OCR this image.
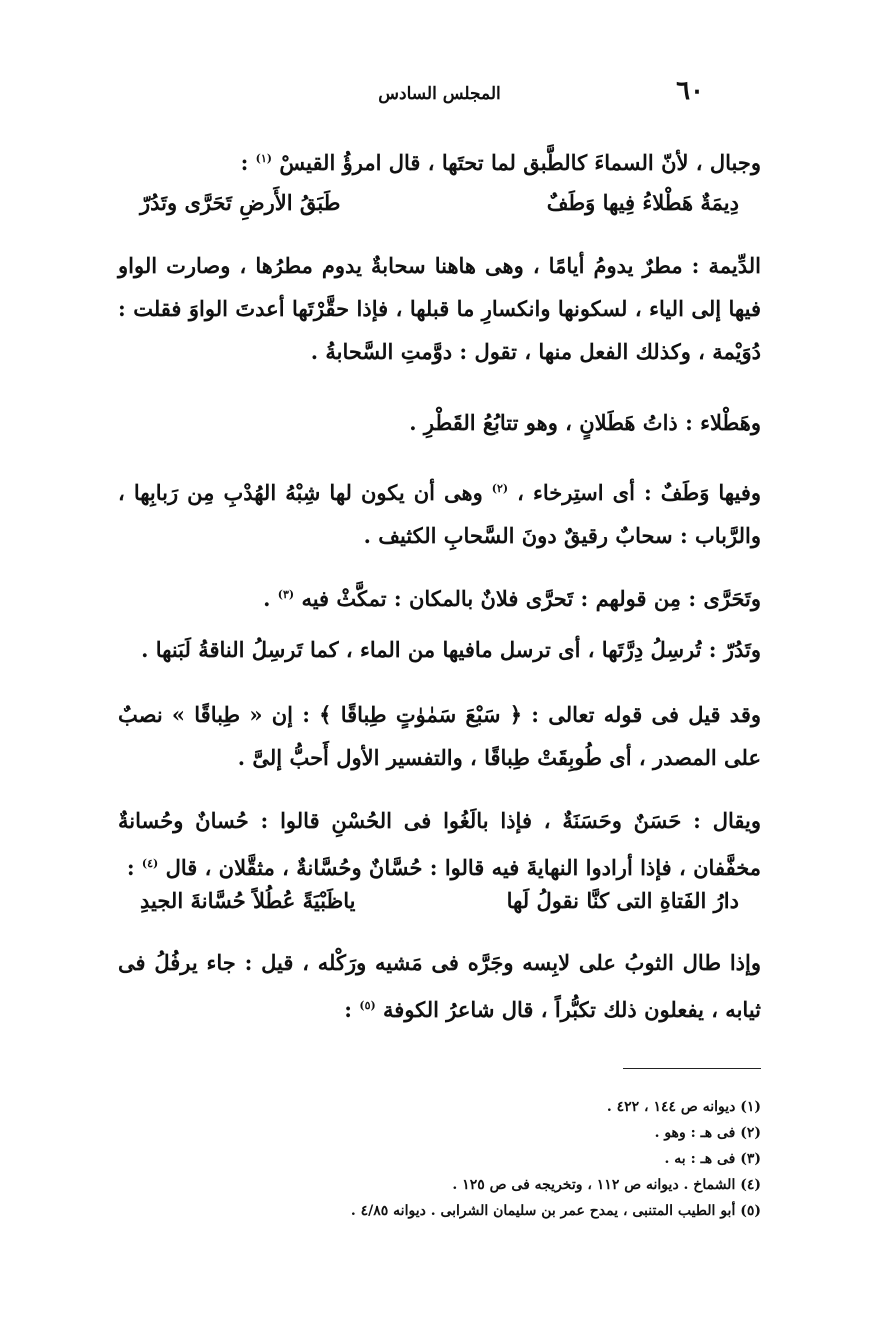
٦٠
المجلس السادس
وجبال ، لأنّ السماءَ كالطَّبق لما تحتَها ، قال امرؤُ القيسْ $^{(١)}$ :
دِيمَةٌ هَطْلاءُ فِيها وَطَفٌ
طَبَقُ الأَرضِ تَحَرَّى وتَدُرّ
الدِّيمة : مطرٌ يدومُ أيامًا ، وهى هاهنا سحابةٌ يدوم مطرُها ، وصارت الواو فيها إلى الياء ، لسكونها وانكسارِ ما قبلها ، فإذا حقَّرْتَها أعدتَ الواوَ فقلت : دُوَيْمة ، وكذلك الفعل منها ، تقول : دوَّمتِ السَّحابةُ .
وهَطْلاء : ذاتُ هَطَلانٍ ، وهو تتابُعُ القَطْرِ .
وفيها وَطَفٌ : أى استِرخاء ، $^{(٢)}$ وهى أن يكون لها شِبْهُ الهُدْبِ مِن رَبابِها ، والرَّباب : سحابٌ رقيقٌ دونَ السَّحابِ الكثيف .
وتَحَرَّى : مِن قولهم : تَحرَّى فلانٌ بالمكان : تمكَّثْ فيه $^{(٣)}$ .
وتَدُرّ : تُرسِلُ دِرَّتَها ، أى ترسل مافيها من الماء ، كما تَرسِلُ الناقةُ لَبَنها .
وقد قيل فى قوله تعالى : ﴿ سَبْعَ سَمٰوٰتٍ طِباقًا ﴾ : إن « طِباقًا » نصبٌ على المصدر ، أى طُوبِقَتْ طِباقًا ، والتفسير الأول أَحبُّ إلىَّ .
ويقال : حَسَنٌ وحَسَنَةٌ ، فإذا بالَغُوا فى الحُسْنِ قالوا : حُسانٌ وحُسانةٌ مخفَّفان ، فإذا أرادوا النهايةَ فيه قالوا : حُسَّانٌ وحُسَّانةٌ ، مثقَّلان ، قال $^{(٤)}$ :
دارُ الفَتاةِ التى كنَّا نقولُ لَها
ياظَبْيَةً عُطُلاً حُسَّانةَ الجيدِ
وإذا طال الثوبُ على لابِسه وجَرَّه فى مَشيه ورَكْله ، قيل : جاء يرفُلُ فى ثيابه ، يفعلون ذلك تكبُّراً ، قال شاعرُ الكوفة $^{(٥)}$ :
(١) ديوانه ص ١٤٤ ، ٤٢٢ .
(٢) فى هـ : وهو .
(٣) فى هـ : به .
(٤) الشماخ . ديوانه ص ١١٢ ، وتخريجه فى ص ١٢٥ .
(٥) أبو الطيب المتنبى ، يمدح عمر بن سليمان الشرابى . ديوانه ٤/٨٥ .
